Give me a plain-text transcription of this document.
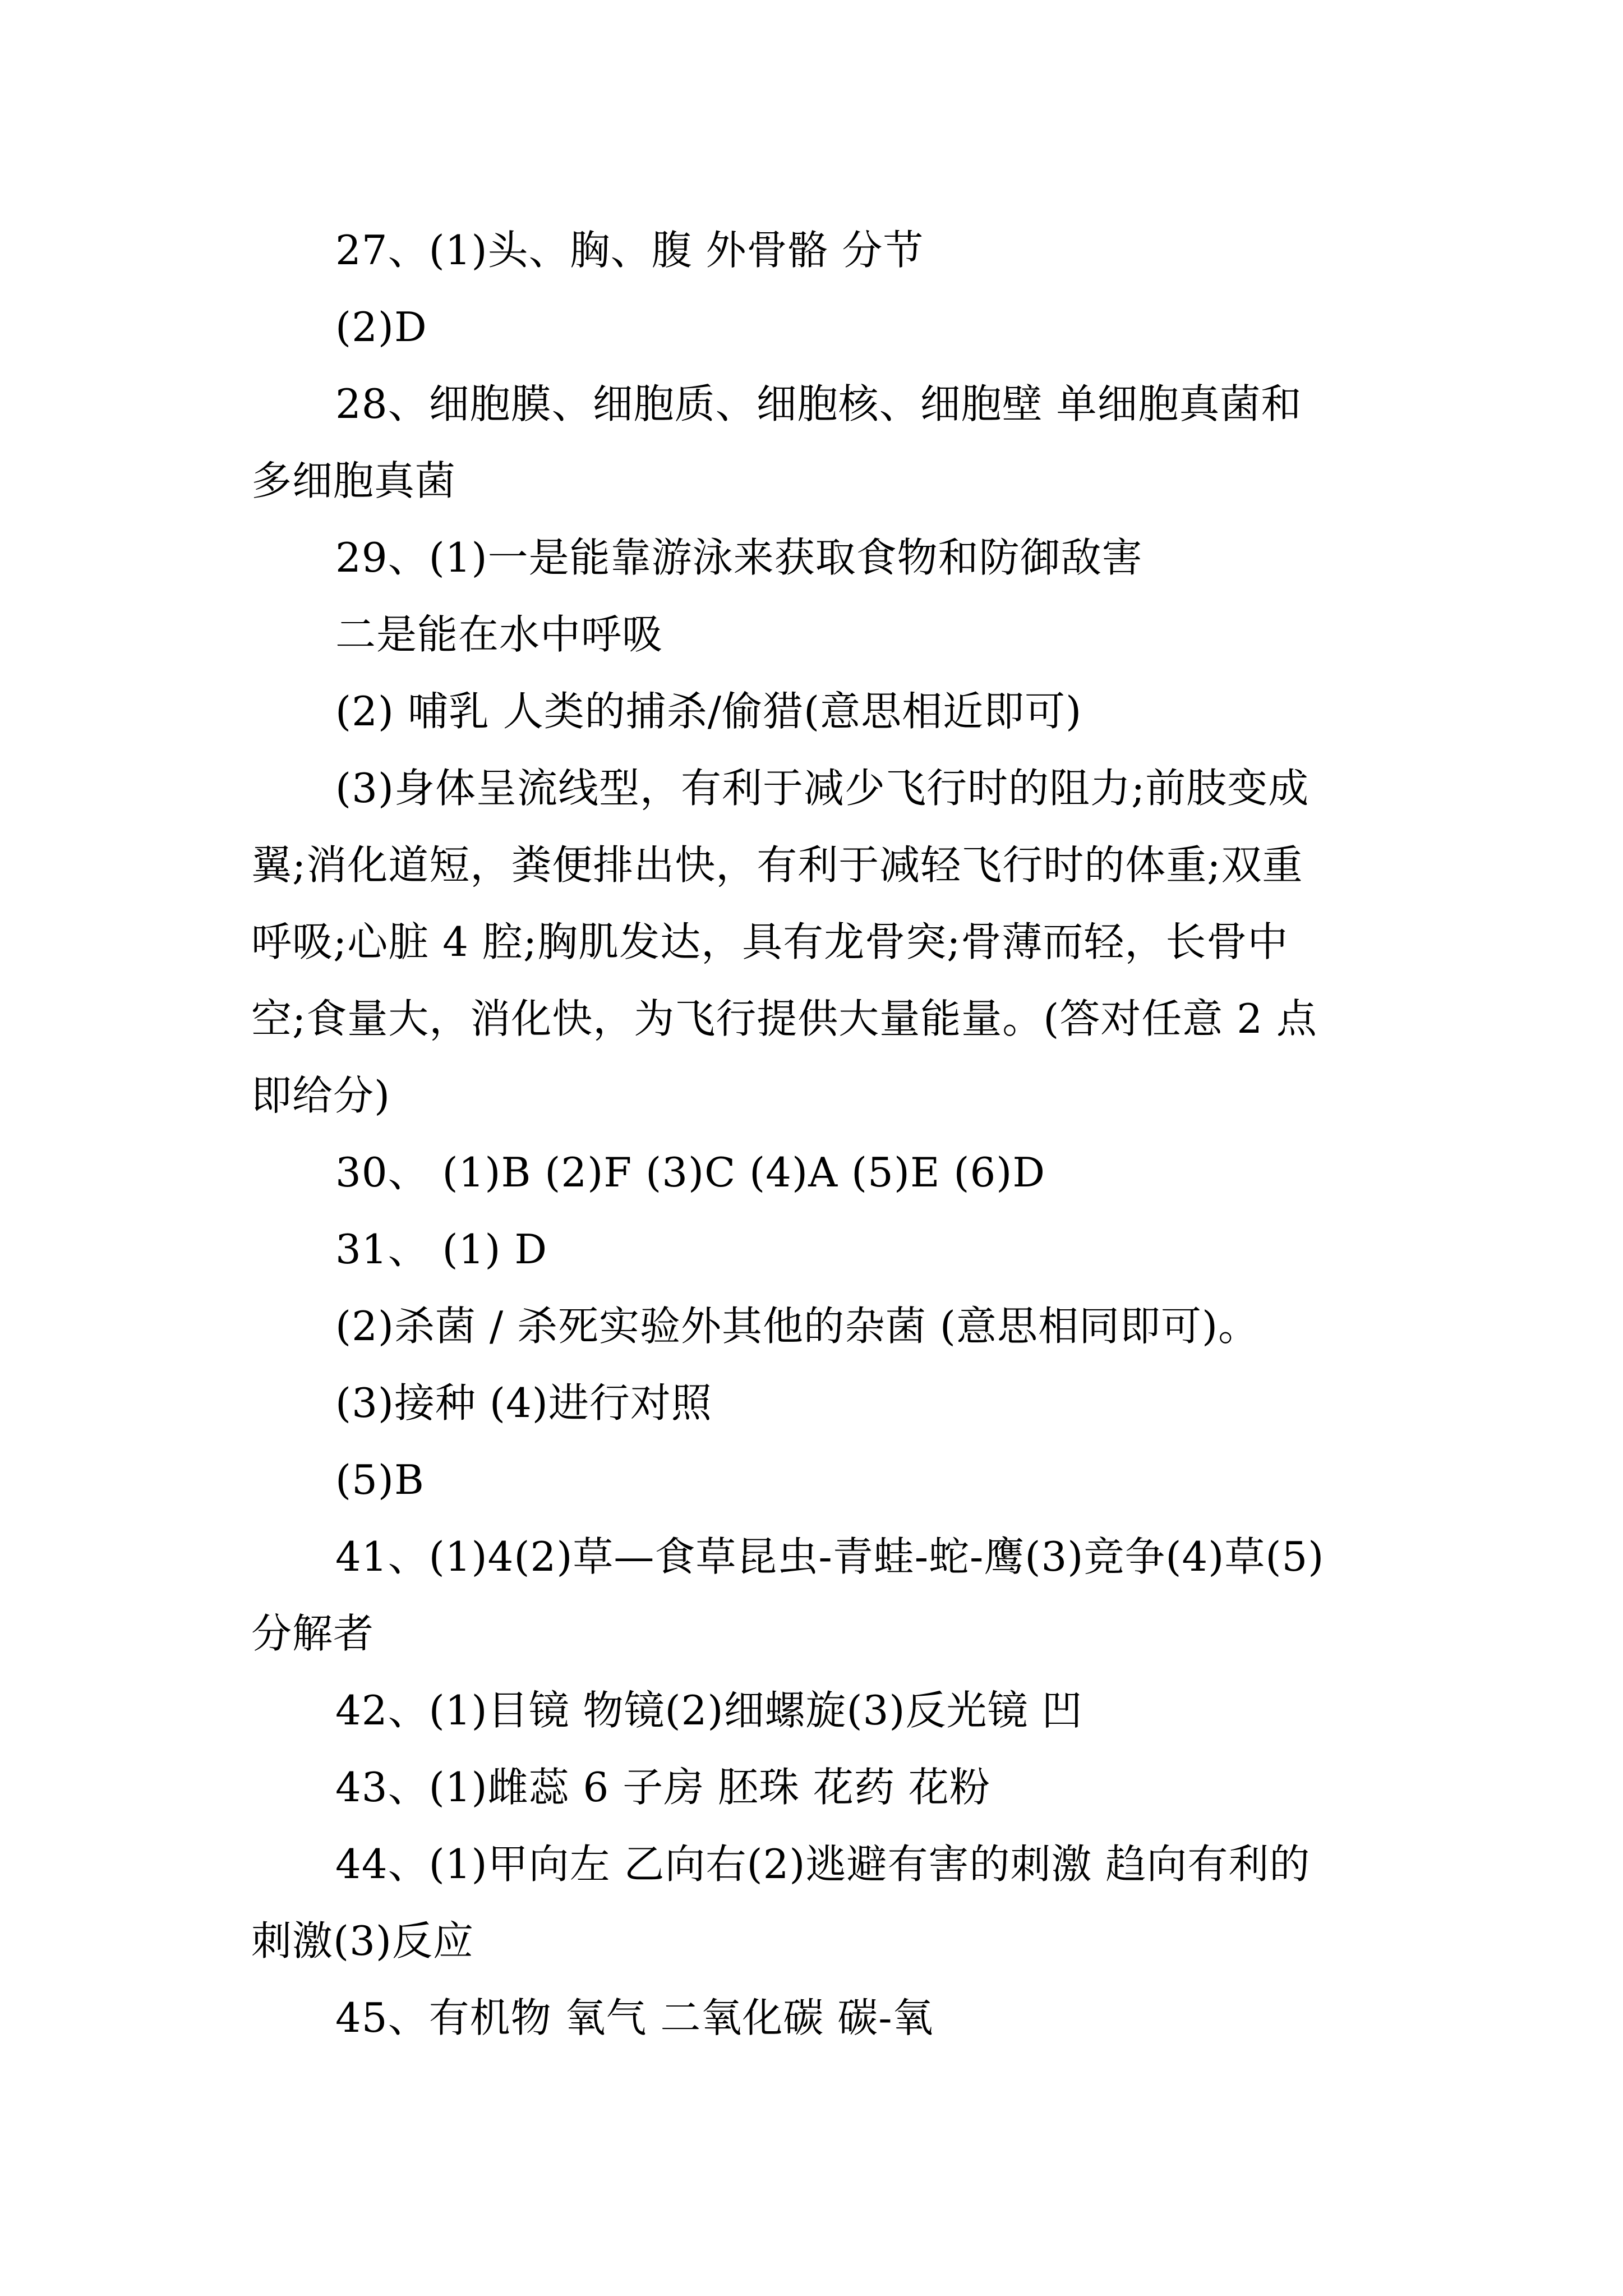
27、(1)头、胸、腹 外骨骼 分节
(2)D
28、细胞膜、细胞质、细胞核、细胞壁 单细胞真菌和
多细胞真菌
29、(1)一是能靠游泳来获取食物和防御敌害
二是能在水中呼吸
(2) 哺乳 人类的捕杀/偷猎(意思相近即可)
(3)身体呈流线型，有利于减少飞行时的阻力;前肢变成
翼;消化道短，粪便排出快，有利于减轻飞行时的体重;双重
呼吸;心脏 4 腔;胸肌发达，具有龙骨突;骨薄而轻，长骨中
空;食量大，消化快，为飞行提供大量能量。(答对任意 2 点
即给分)
30、 (1)B (2)F (3)C (4)A (5)E (6)D
31、 (1) D
(2)杀菌 / 杀死实验外其他的杂菌 (意思相同即可)。
(3)接种 (4)进行对照
(5)B
41、(1)4(2)草—食草昆虫-青蛙-蛇-鹰(3)竞争(4)草(5)
分解者
42、(1)目镜 物镜(2)细螺旋(3)反光镜 凹
43、(1)雌蕊 6 子房 胚珠 花药 花粉
44、(1)甲向左 乙向右(2)逃避有害的刺激 趋向有利的
刺激(3)反应
45、有机物 氧气 二氧化碳 碳-氧
